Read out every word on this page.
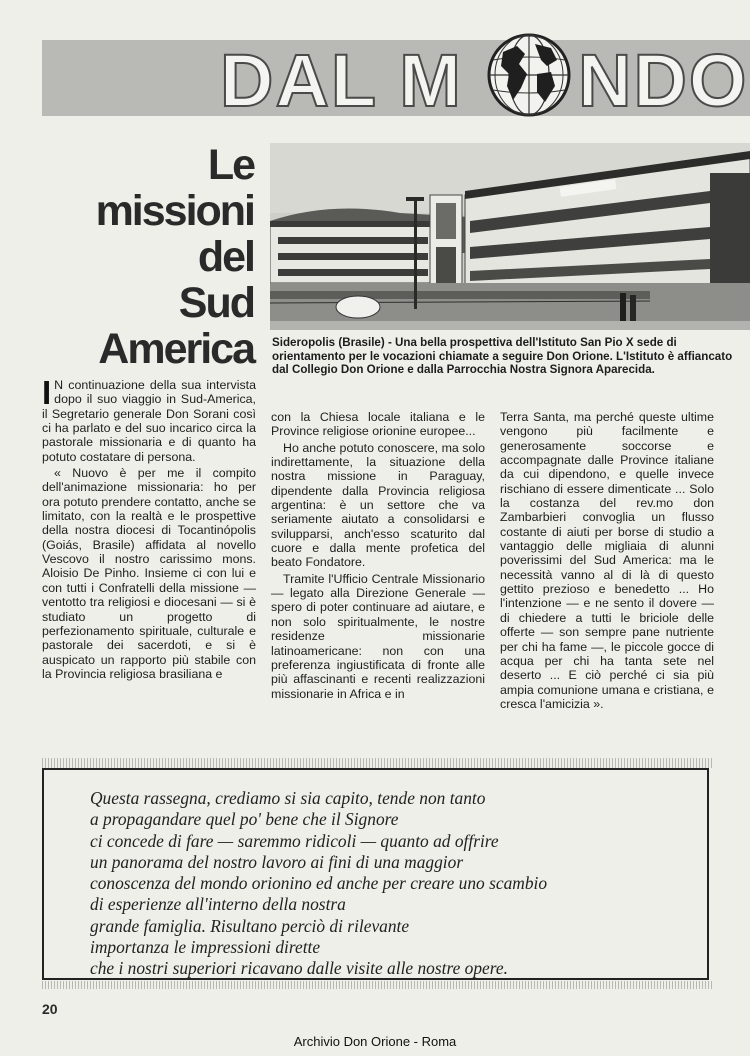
DAL M NDO
Le
missioni
del
Sud America Sideropolis (Brasile) - Una bella prospettiva dell'Istituto San Pio X sede di orientamento per le vocazioni chiamate a seguire Don Orione. L'Istituto è affiancato dal Collegio Don Orione e dalla Parrocchia Nostra Signora Aparecida.

I N continuazione della sua intervista dopo il suo viaggio in Sud-America, il Segretario generale Don Sorani così ci ha parlato e del suo incarico circa la pastorale missionaria e di quanto ha potuto costatare di persona.

« Nuovo è per me il compito dell'animazione missionaria: ho per ora potuto prendere contatto, anche se limitato, con la realtà e le prospettive della nostra diocesi di Tocantinópolis (Goiás, Brasile) affidata al novello Vescovo il nostro carissimo mons. Aloisio De Pinho. Insieme ci con lui e con tutti i Confratelli della missione — ventotto tra religiosi e diocesani — si è studiato un progetto di perfezionamento spirituale, culturale e pastorale dei sacerdoti, e si è auspicato un rapporto più stabile con la Provincia religiosa brasiliana e

con la Chiesa locale italiana e le Province religiose orionine europee...

Ho anche potuto conoscere, ma solo indirettamente, la situazione della nostra missione in Paraguay, dipendente dalla Provincia religiosa argentina: è un settore che va seriamente aiutato a consolidarsi e svilupparsi, anch'esso scaturito dal cuore e dalla mente profetica del beato Fondatore.

Tramite l'Ufficio Centrale Missionario — legato alla Direzione Generale — spero di poter continuare ad aiutare, e non solo spiritualmente, le nostre residenze missionarie latinoamericane: non con una preferenza ingiustificata di fronte alle più affascinanti e recenti realizzazioni missionarie in Africa e in

Terra Santa, ma perché queste ultime vengono più facilmente e generosamente soccorse e accompagnate dalle Province italiane da cui dipendono, e quelle invece rischiano di essere dimenticate ... Solo la costanza del rev.mo don Zambarbieri convoglia un flusso costante di aiuti per borse di studio a vantaggio delle migliaia di alunni poverissimi del Sud America: ma le necessità vanno al di là di questo gettito prezioso e benedetto ... Ho l'intenzione — e ne sento il dovere — di chiedere a tutti le briciole delle offerte — son sempre pane nutriente per chi ha fame —, le piccole gocce di acqua per chi ha tanta sete nel deserto ... E ciò perché ci sia più ampia comunione umana e cristiana, e cresca l'amicizia ».

Questa rassegna, crediamo si sia capito, tende non tanto
a propagandare quel po' bene che il Signore
ci concede di fare — saremmo ridicoli — quanto ad offrire
un panorama del nostro lavoro ai fini di una maggior
conoscenza del mondo orionino ed anche per creare uno scambio
di esperienze all'interno della nostra
grande famiglia. Risultano perciò di rilevante
importanza le impressioni dirette
che i nostri superiori ricavano dalle visite alle nostre opere.
20
Archivio Don Orione - Roma
